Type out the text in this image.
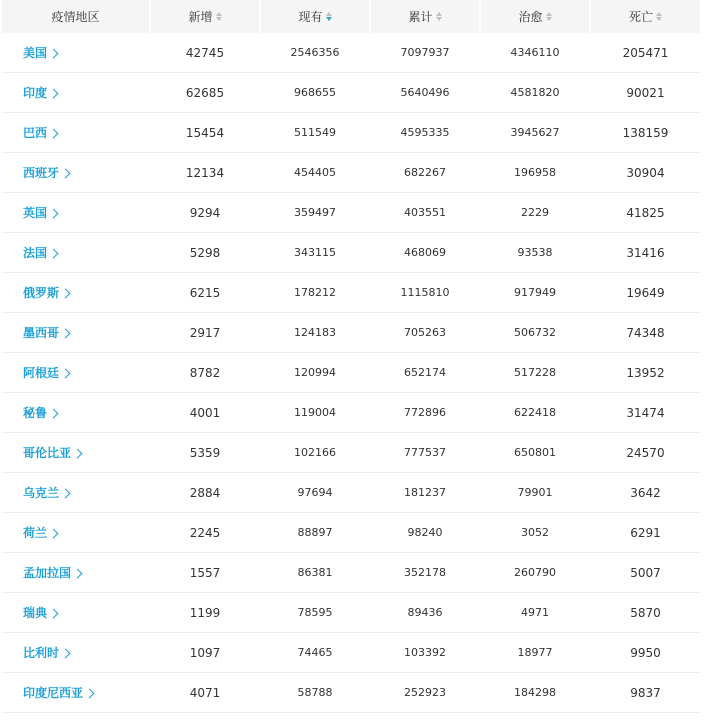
疫情地区	新增	现有	累计	治愈	死亡
美国	42745	2546356	7097937	4346110	205471
印度	62685	968655	5640496	4581820	90021
巴西	15454	511549	4595335	3945627	138159
西班牙	12134	454405	682267	196958	30904
英国	9294	359497	403551	2229	41825
法国	5298	343115	468069	93538	31416
俄罗斯	6215	178212	1115810	917949	19649
墨西哥	2917	124183	705263	506732	74348
阿根廷	8782	120994	652174	517228	13952
秘鲁	4001	119004	772896	622418	31474
哥伦比亚	5359	102166	777537	650801	24570
乌克兰	2884	97694	181237	79901	3642
荷兰	2245	88897	98240	3052	6291
孟加拉国	1557	86381	352178	260790	5007
瑞典	1199	78595	89436	4971	5870
比利时	1097	74465	103392	18977	9950
印度尼西亚	4071	58788	252923	184298	9837
